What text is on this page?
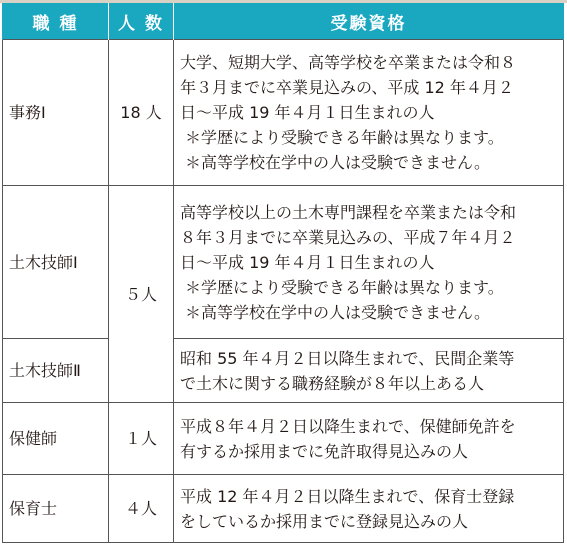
職 種	人 数	受験資格
事務Ⅰ	18 人	大学、短期大学、高等学校を卒業または令和８
年３月までに卒業見込みの、平成 12 年４月２
日～平成 19 年４月１日生まれの人
＊学歴により受験できる年齢は異なります。
＊高等学校在学中の人は受験できません。

土木技師Ⅰ	５人	高等学校以上の土木専門課程を卒業または令和
８年３月までに卒業見込みの、平成７年４月２
日～平成 19 年４月１日生まれの人
＊学歴により受験できる年齢は異なります。
＊高等学校在学中の人は受験できません。

土木技師Ⅱ		昭和 55 年４月２日以降生まれで、民間企業等
で土木に関する職務経験が８年以上ある人

保健師	１人	平成８年４月２日以降生まれで、保健師免許を
有するか採用までに免許取得見込みの人

保育士	４人	平成 12 年４月２日以降生まれで、保育士登録
をしているか採用までに登録見込みの人
